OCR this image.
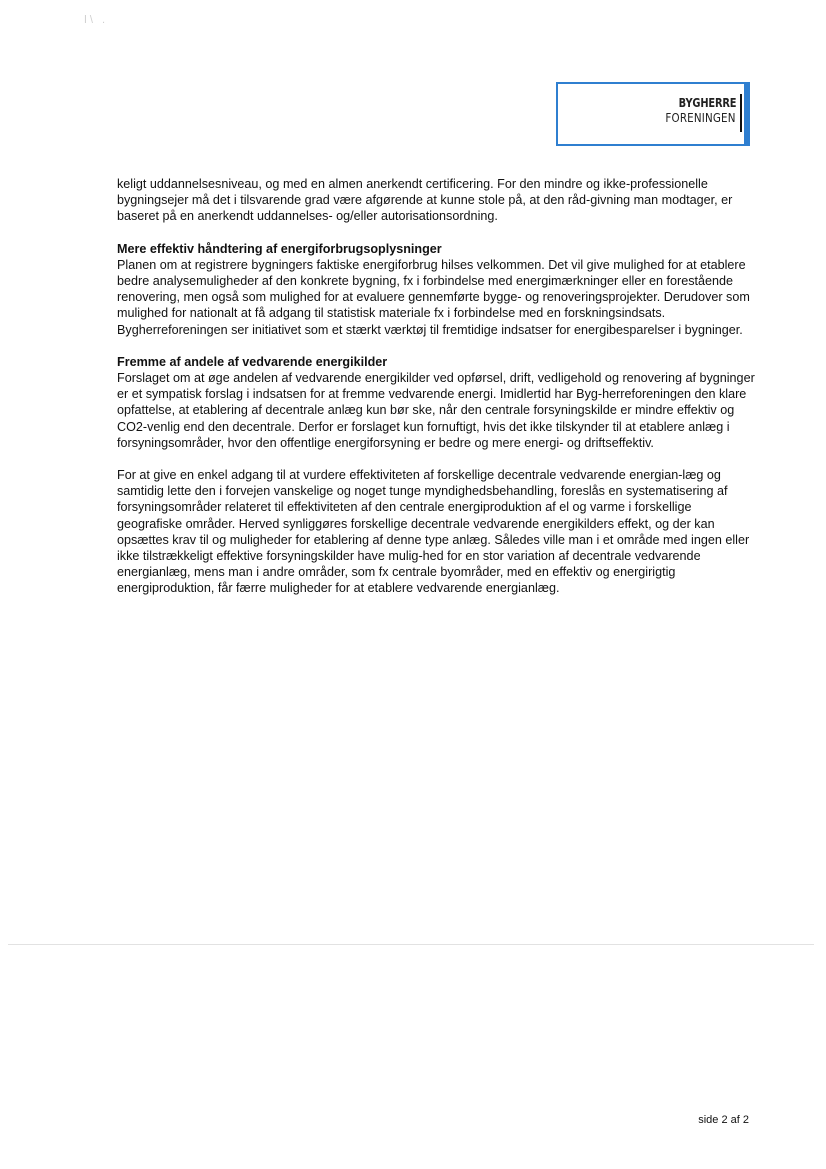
ǀ\ .
BYGHERRE
FORENINGEN

keligt uddannelsesniveau, og med en almen anerkendt certificering. For den mindre og ikke-professionelle bygningsejer må det i tilsvarende grad være afgørende at kunne stole på, at den råd-givning man modtager, er baseret på en anerkendt uddannelses- og/eller autorisationsordning.

Mere effektiv håndtering af energiforbrugsoplysninger

Planen om at registrere bygningers faktiske energiforbrug hilses velkommen. Det vil give mulighed for at etablere bedre analysemuligheder af den konkrete bygning, fx i forbindelse med energimærkninger eller en forestående renovering, men også som mulighed for at evaluere gennemførte bygge- og renoveringsprojekter. Derudover som mulighed for nationalt at få adgang til statistisk materiale fx i forbindelse med en forskningsindsats. Bygherreforeningen ser initiativet som et stærkt værktøj til fremtidige indsatser for energibesparelser i bygninger.

Fremme af andele af vedvarende energikilder

Forslaget om at øge andelen af vedvarende energikilder ved opførsel, drift, vedligehold og renovering af bygninger er et sympatisk forslag i indsatsen for at fremme vedvarende energi. Imidlertid har Byg-herreforeningen den klare opfattelse, at etablering af decentrale anlæg kun bør ske, når den centrale forsyningskilde er mindre effektiv og CO2-venlig end den decentrale. Derfor er forslaget kun fornuftigt, hvis det ikke tilskynder til at etablere anlæg i forsyningsområder, hvor den offentlige energiforsyning er bedre og mere energi- og driftseffektiv.

For at give en enkel adgang til at vurdere effektiviteten af forskellige decentrale vedvarende energian-læg og samtidig lette den i forvejen vanskelige og noget tunge myndighedsbehandling, foreslås en systematisering af forsyningsområder relateret til effektiviteten af den centrale energiproduktion af el og varme i forskellige geografiske områder. Herved synliggøres forskellige decentrale vedvarende energikilders effekt, og der kan opsættes krav til og muligheder for etablering af denne type anlæg. Således ville man i et område med ingen eller ikke tilstrækkeligt effektive forsyningskilder have mulig-hed for en stor variation af decentrale vedvarende energianlæg, mens man i andre områder, som fx centrale byområder, med en effektiv og energirigtig energiproduktion, får færre muligheder for at etablere vedvarende energianlæg.

side 2 af 2
